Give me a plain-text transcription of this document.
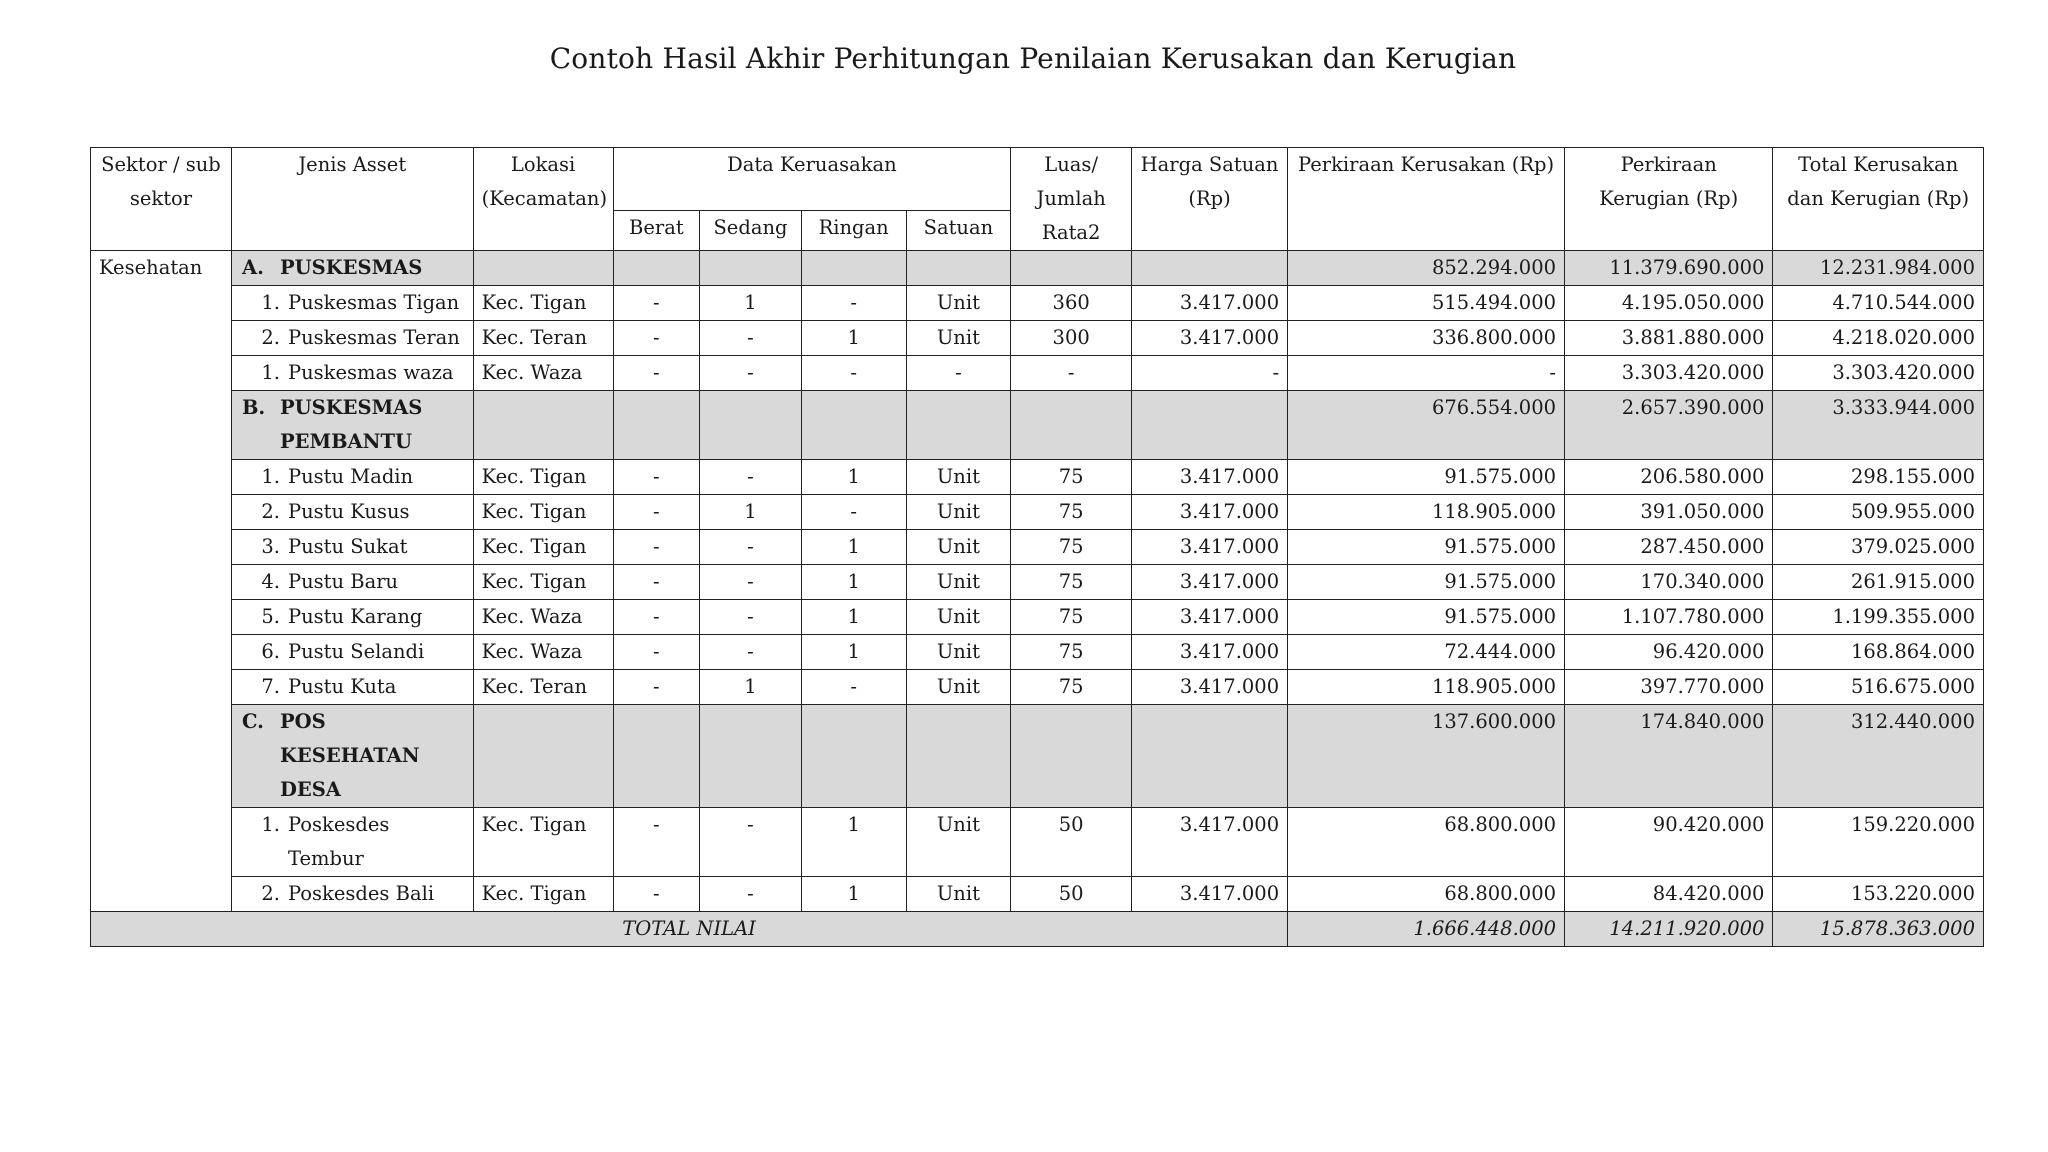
Contoh Hasil Akhir Perhitungan Penilaian Kerusakan dan Kerugian
Sektor / sub sektor	Jenis Asset	Lokasi (Kecamatan)	Data Keruasakan				Luas/ Jumlah Rata2	Harga Satuan (Rp)	Perkiraan Kerusakan (Rp)	Perkiraan Kerugian (Rp)	Total Kerusakan dan Kerugian (Rp)
			Berat	Sedang	Ringan	Satuan					
Kesehatan	A. PUSKESMAS								852.294.000	11.379.690.000	12.231.984.000

	1. Puskesmas Tigan	Kec. Tigan	-	1	-	Unit	360	3.417.000	515.494.000	4.195.050.000	4.710.544.000

	2. Puskesmas Teran	Kec. Teran	-	-	1	Unit	300	3.417.000	336.800.000	3.881.880.000	4.218.020.000

	1. Puskesmas waza	Kec. Waza	-	-	-	-	-	-	-	3.303.420.000	3.303.420.000

	B. PUSKESMAS PEMBANTU								676.554.000	2.657.390.000	3.333.944.000

	1. Pustu Madin	Kec. Tigan	-	-	1	Unit	75	3.417.000	91.575.000	206.580.000	298.155.000

	2. Pustu Kusus	Kec. Tigan	-	1	-	Unit	75	3.417.000	118.905.000	391.050.000	509.955.000

	3. Pustu Sukat	Kec. Tigan	-	-	1	Unit	75	3.417.000	91.575.000	287.450.000	379.025.000

	4. Pustu Baru	Kec. Tigan	-	-	1	Unit	75	3.417.000	91.575.000	170.340.000	261.915.000

	5. Pustu Karang	Kec. Waza	-	-	1	Unit	75	3.417.000	91.575.000	1.107.780.000	1.199.355.000

	6. Pustu Selandi	Kec. Waza	-	-	1	Unit	75	3.417.000	72.444.000	96.420.000	168.864.000

	7. Pustu Kuta	Kec. Teran	-	1	-	Unit	75	3.417.000	118.905.000	397.770.000	516.675.000

	C. POS KESEHATAN DESA								137.600.000	174.840.000	312.440.000

	1. Poskesdes Tembur	Kec. Tigan	-	-	1	Unit	50	3.417.000	68.800.000	90.420.000	159.220.000

	2. Poskesdes Bali	Kec. Tigan	-	-	1	Unit	50	3.417.000	68.800.000	84.420.000	153.220.000
TOTAL NILAI									1.666.448.000	14.211.920.000	15.878.363.000
